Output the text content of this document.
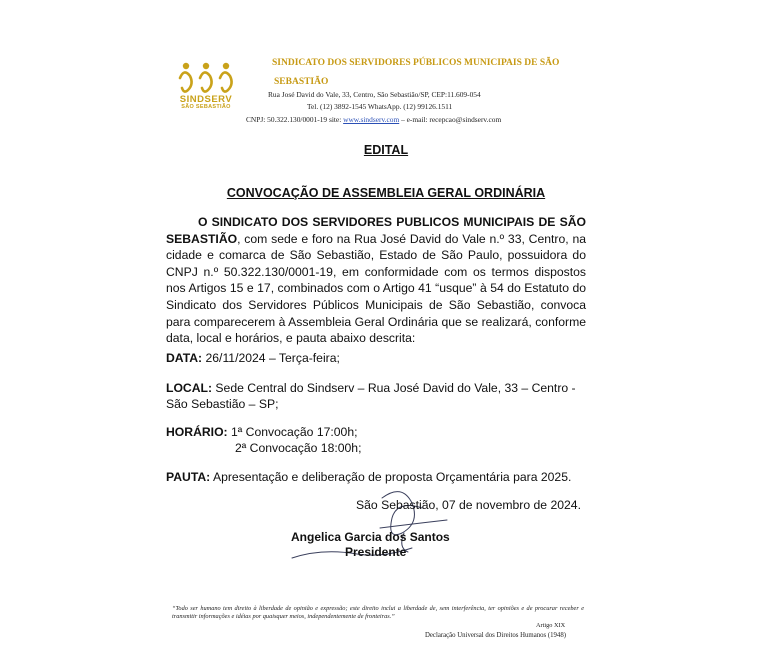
SINDSERV
SÃO SEBASTIÃO
SINDICATO DOS SERVIDORES PÚBLICOS MUNICIPAIS DE SÃO
SEBASTIÃO
Rua José David do Vale, 33, Centro, São Sebastião/SP, CEP:11.609-054
Tel. (12) 3892-1545 WhatsApp. (12) 99126.1511
CNPJ: 50.322.130/0001-19 site: www.sindserv.com – e-mail: recepcao@sindserv.com
EDITAL
CONVOCAÇÃO DE ASSEMBLEIA GERAL ORDINÁRIA
O SINDICATO DOS SERVIDORES PUBLICOS MUNICIPAIS DE SÃO SEBASTIÃO, com sede e foro na Rua José David do Vale n.º 33, Centro, na cidade e comarca de São Sebastião, Estado de São Paulo, possuidora do CNPJ n.º 50.322.130/0001-19, em conformidade com os termos dispostos nos Artigos 15 e 17, combinados com o Artigo 41 “usque” à 54 do Estatuto do Sindicato dos Servidores Públicos Municipais de São Sebastião, convoca para comparecerem à Assembleia Geral Ordinária que se realizará, conforme data, local e horários, e pauta abaixo descrita:
DATA: 26/11/2024 – Terça-feira;
LOCAL: Sede Central do Sindserv – Rua José David do Vale, 33 – Centro -
São Sebastião – SP;
HORÁRIO: 1ª Convocação 17:00h;
2ª Convocação 18:00h;
PAUTA: Apresentação e deliberação de proposta Orçamentária para 2025.
São Sebastião, 07 de novembro de 2024.
Angelica Garcia dos Santos
Presidente
“Todo ser humano tem direito à liberdade de opinião e expressão; este direito inclui a liberdade de, sem interferência, ter opiniões e de procurar receber e transmitir informações e idéias por quaisquer meios, independentemente de fronteiras.”
Artigo XIX
Declaração Universal dos Direitos Humanos (1948)
